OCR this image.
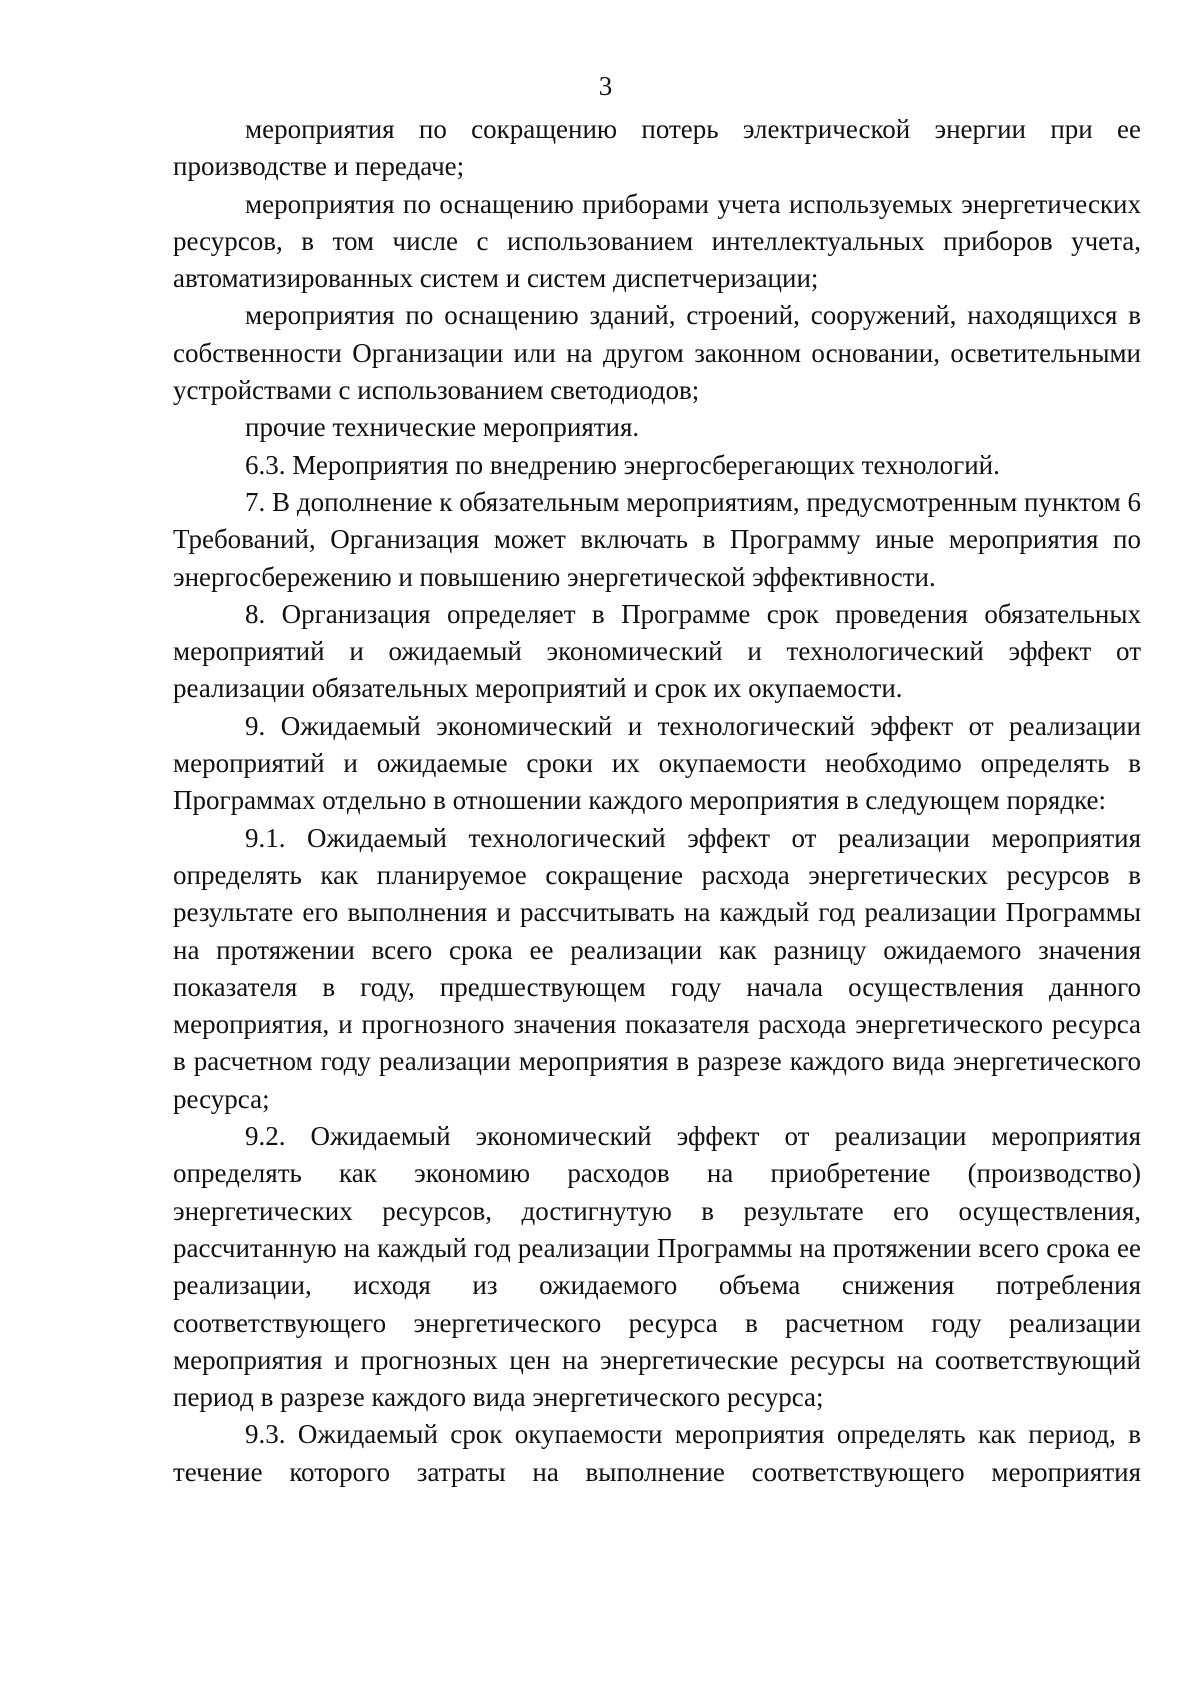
3

мероприятия по сокращению потерь электрической энергии при ее производстве и передаче;

мероприятия по оснащению приборами учета используемых энергетических ресурсов, в том числе с использованием интеллектуальных приборов учета, автоматизированных систем и систем диспетчеризации;

мероприятия по оснащению зданий, строений, сооружений, находящихся в собственности Организации или на другом законном основании, осветительными устройствами с использованием светодиодов;

прочие технические мероприятия.

6.3. Мероприятия по внедрению энергосберегающих технологий.

7. В дополнение к обязательным мероприятиям, предусмотренным пунктом 6 Требований, Организация может включать в Программу иные мероприятия по энергосбережению и повышению энергетической эффективности.

8. Организация определяет в Программе срок проведения обязательных мероприятий и ожидаемый экономический и технологический эффект от реализации обязательных мероприятий и срок их окупаемости.

9. Ожидаемый экономический и технологический эффект от реализации мероприятий и ожидаемые сроки их окупаемости необходимо определять в Программах отдельно в отношении каждого мероприятия в следующем порядке:

9.1. Ожидаемый технологический эффект от реализации мероприятия определять как планируемое сокращение расхода энергетических ресурсов в результате его выполнения и рассчитывать на каждый год реализации Программы на протяжении всего срока ее реализации как разницу ожидаемого значения показателя в году, предшествующем году начала осуществления данного мероприятия, и прогнозного значения показателя расхода энергетического ресурса в расчетном году реализации мероприятия в разрезе каждого вида энергетического ресурса;

9.2. Ожидаемый экономический эффект от реализации мероприятия определять как экономию расходов на приобретение (производство) энергетических ресурсов, достигнутую в результате его осуществления, рассчитанную на каждый год реализации Программы на протяжении всего срока ее реализации, исходя из ожидаемого объема снижения потребления соответствующего энергетического ресурса в расчетном году реализации мероприятия и прогнозных цен на энергетические ресурсы на соответствующий период в разрезе каждого вида энергетического ресурса;

9.3. Ожидаемый срок окупаемости мероприятия определять как период, в течение которого затраты на выполнение соответствующего мероприятия
